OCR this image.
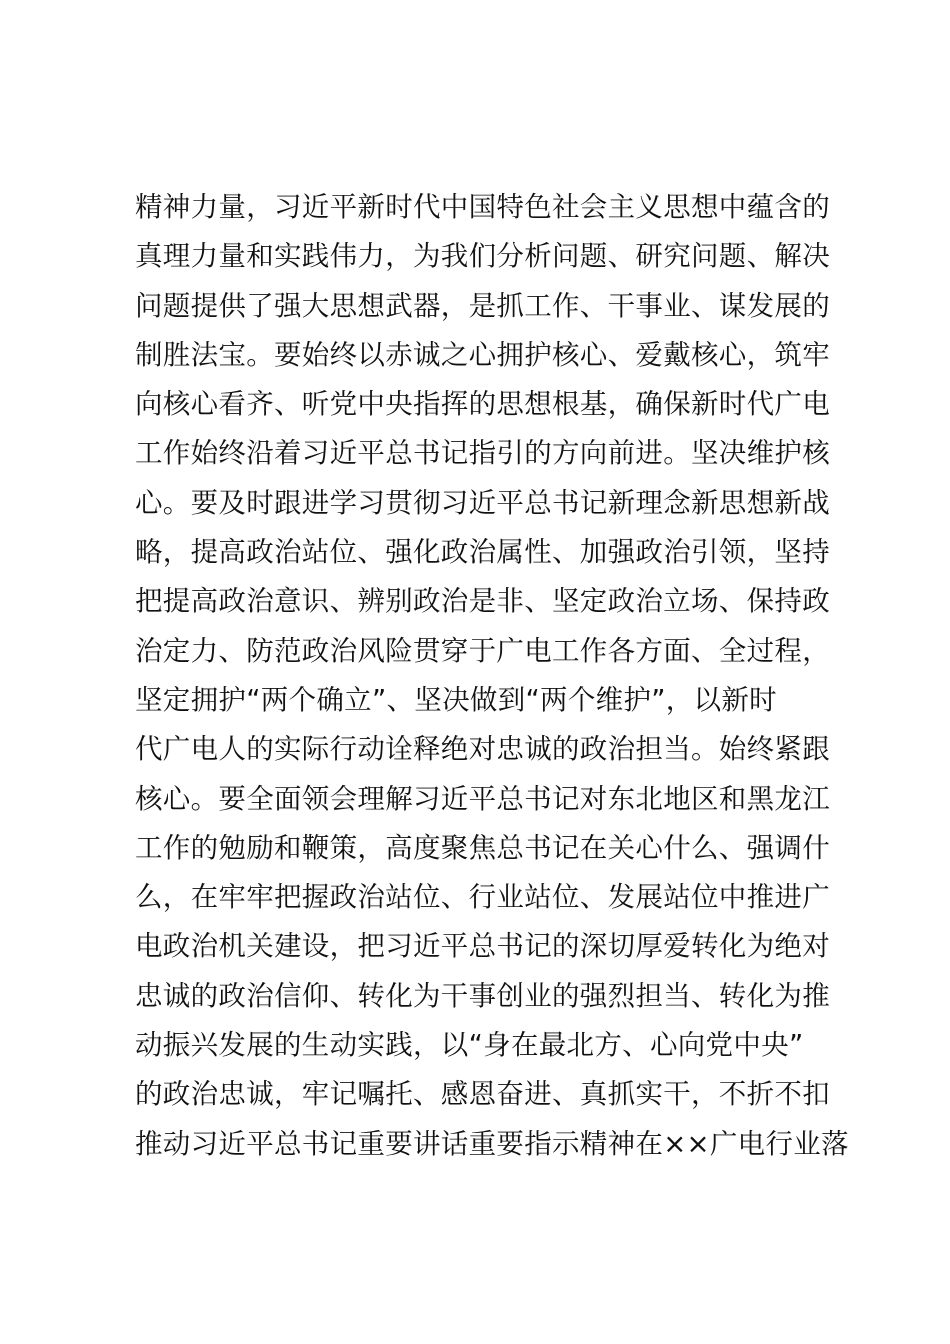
精神力量，习近平新时代中国特色社会主义思想中蕴含的
真理力量和实践伟力，为我们分析问题、研究问题、解决
问题提供了强大思想武器，是抓工作、干事业、谋发展的
制胜法宝。要始终以赤诚之心拥护核心、爱戴核心，筑牢
向核心看齐、听党中央指挥的思想根基，确保新时代广电
工作始终沿着习近平总书记指引的方向前进。坚决维护核
心。要及时跟进学习贯彻习近平总书记新理念新思想新战
略，提高政治站位、强化政治属性、加强政治引领，坚持
把提高政治意识、辨别政治是非、坚定政治立场、保持政
治定力、防范政治风险贯穿于广电工作各方面、全过程，
坚定拥护“两个确立”、坚决做到“两个维护”，以新时
代广电人的实际行动诠释绝对忠诚的政治担当。始终紧跟
核心。要全面领会理解习近平总书记对东北地区和黑龙江
工作的勉励和鞭策，高度聚焦总书记在关心什么、强调什
么，在牢牢把握政治站位、行业站位、发展站位中推进广
电政治机关建设，把习近平总书记的深切厚爱转化为绝对
忠诚的政治信仰、转化为干事创业的强烈担当、转化为推
动振兴发展的生动实践，以“身在最北方、心向党中央”
的政治忠诚，牢记嘱托、感恩奋进、真抓实干，不折不扣
推动习近平总书记重要讲话重要指示精神在××广电行业落
